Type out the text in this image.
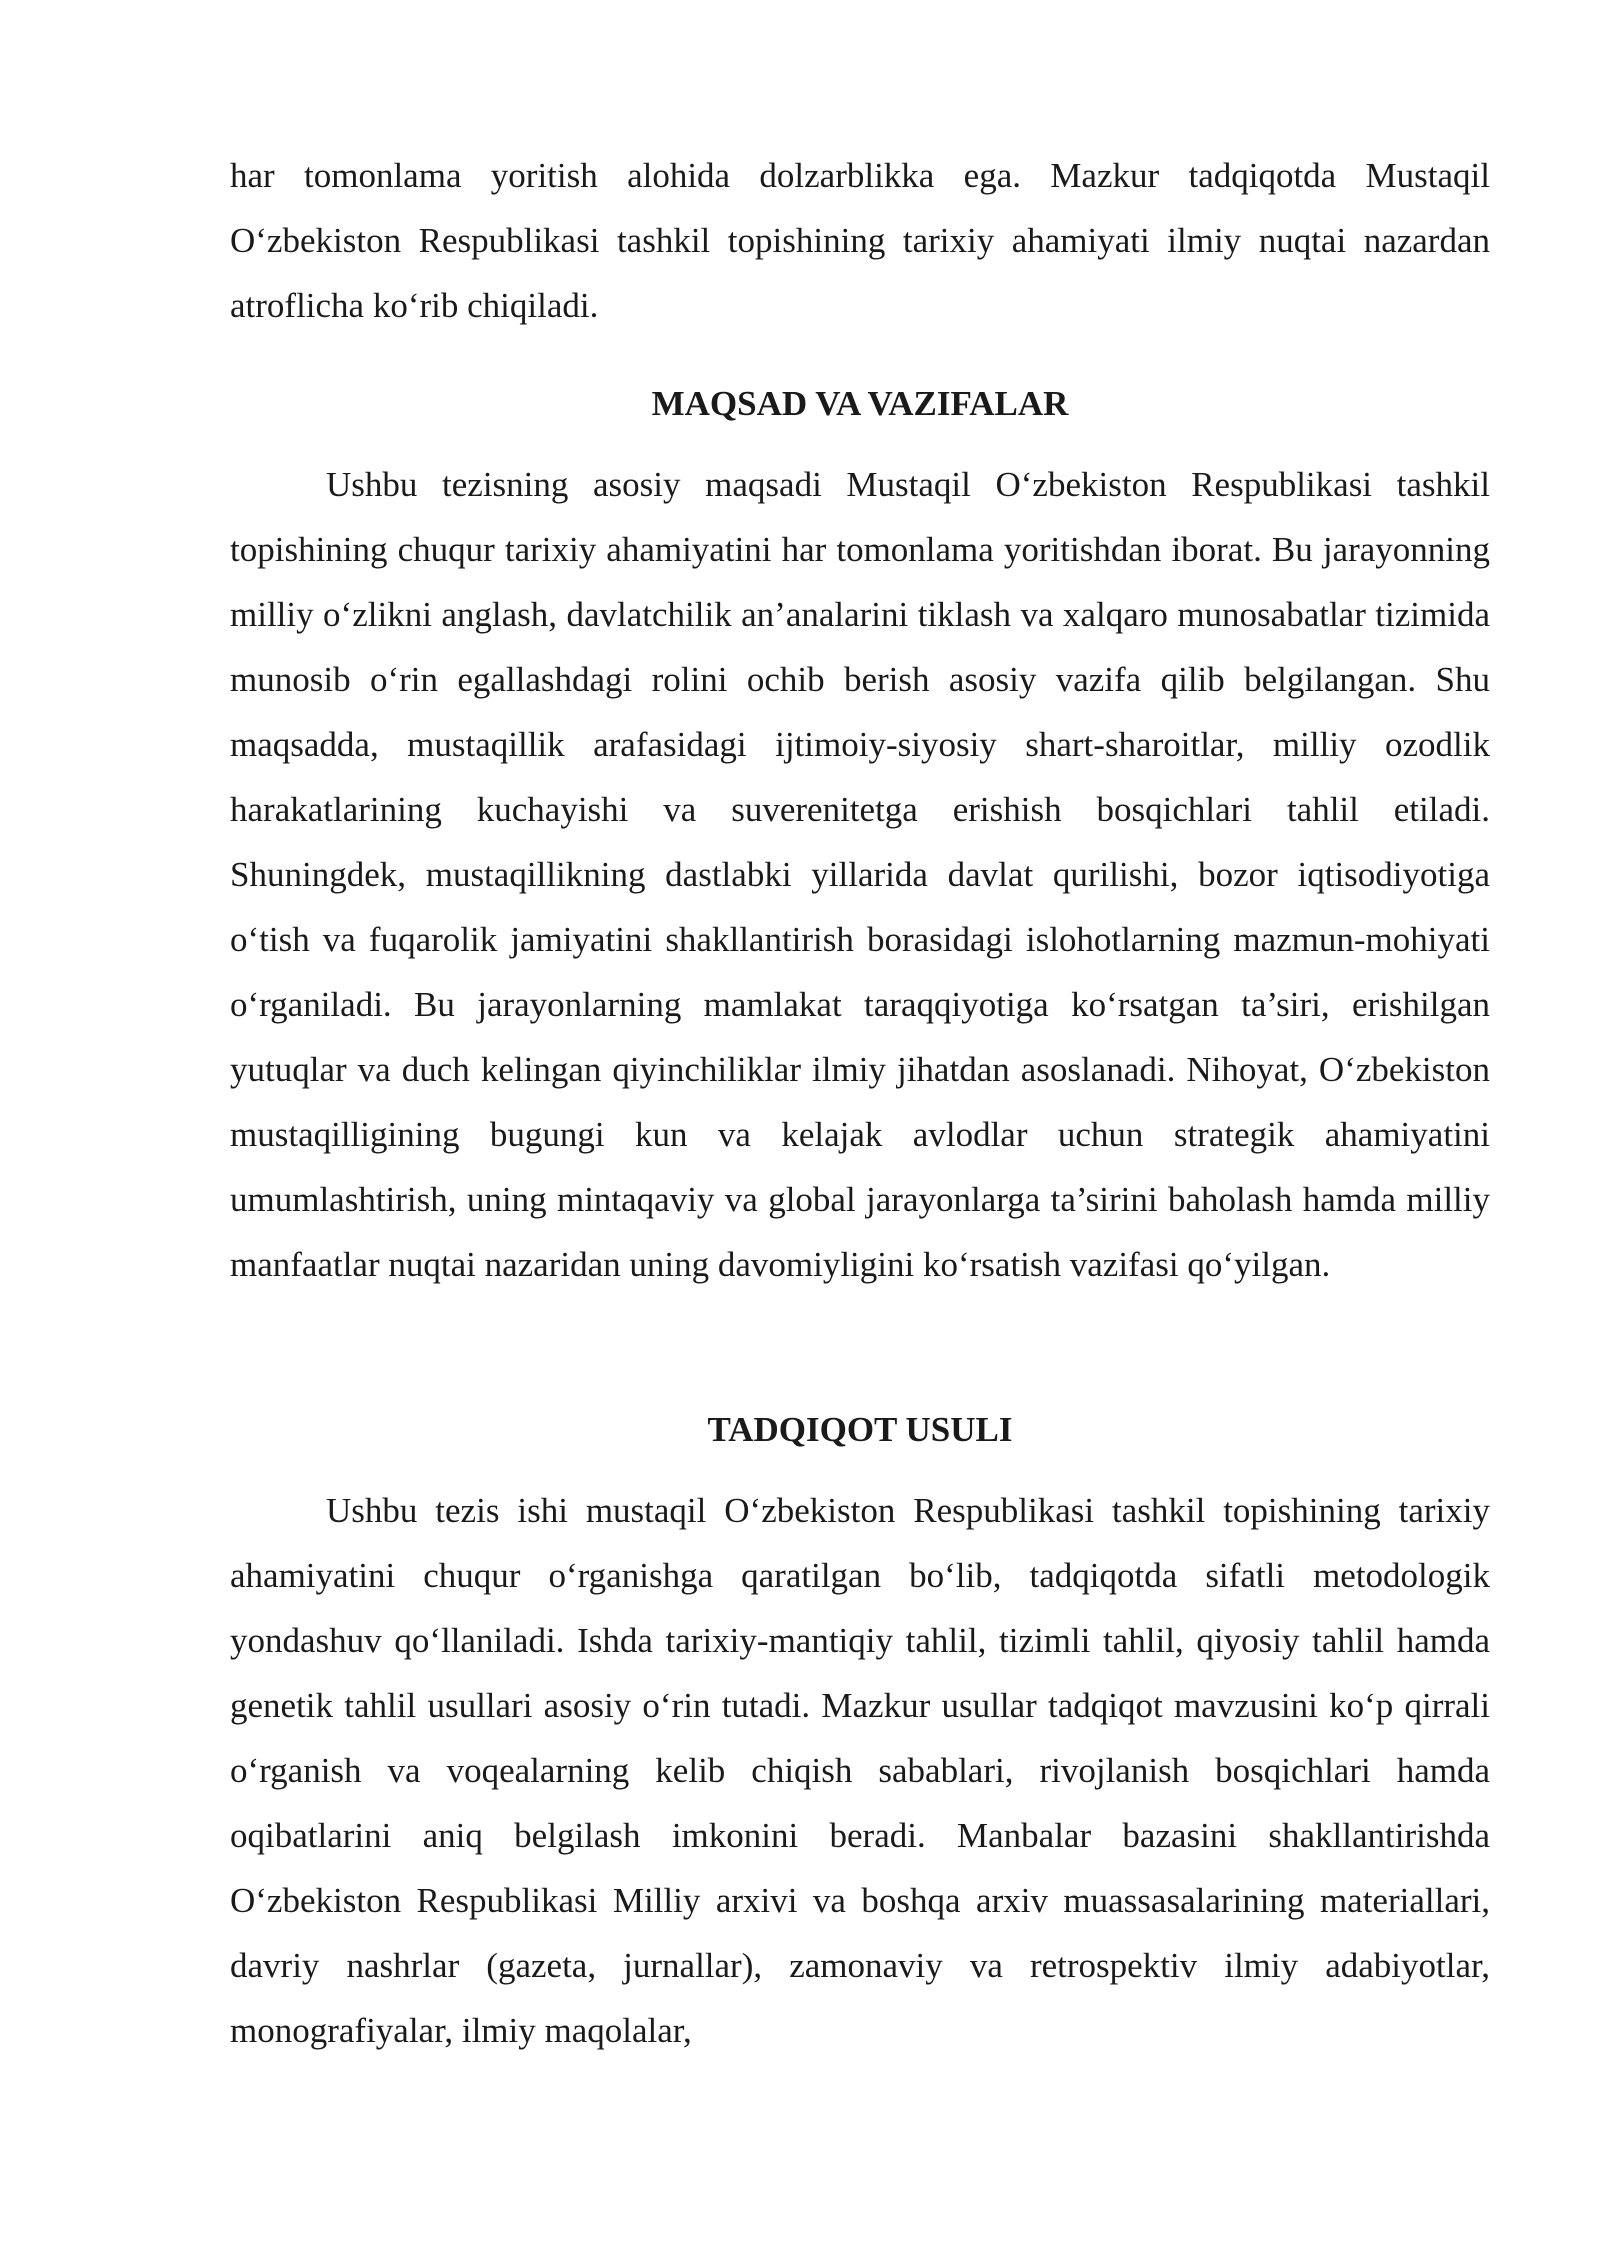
har tomonlama yoritish alohida dolzarblikka ega. Mazkur tadqiqotda Mustaqil O‘zbekiston Respublikasi tashkil topishining tarixiy ahamiyati ilmiy nuqtai nazardan atroflicha ko‘rib chiqiladi.

MAQSAD VA VAZIFALAR

Ushbu tezisning asosiy maqsadi Mustaqil O‘zbekiston Respublikasi tashkil topishining chuqur tarixiy ahamiyatini har tomonlama yoritishdan iborat. Bu jarayonning milliy o‘zlikni anglash, davlatchilik an’analarini tiklash va xalqaro munosabatlar tizimida munosib o‘rin egallashdagi rolini ochib berish asosiy vazifa qilib belgilangan. Shu maqsadda, mustaqillik arafasidagi ijtimoiy-siyosiy shart-sharoitlar, milliy ozodlik harakatlarining kuchayishi va suverenitetga erishish bosqichlari tahlil etiladi. Shuningdek, mustaqillikning dastlabki yillarida davlat qurilishi, bozor iqtisodiyotiga o‘tish va fuqarolik jamiyatini shakllantirish borasidagi islohotlarning mazmun-mohiyati o‘rganiladi. Bu jarayonlarning mamlakat taraqqiyotiga ko‘rsatgan ta’siri, erishilgan yutuqlar va duch kelingan qiyinchiliklar ilmiy jihatdan asoslanadi. Nihoyat, O‘zbekiston mustaqilligining bugungi kun va kelajak avlodlar uchun strategik ahamiyatini umumlashtirish, uning mintaqaviy va global jarayonlarga ta’sirini baholash hamda milliy manfaatlar nuqtai nazaridan uning davomiyligini ko‘rsatish vazifasi qo‘yilgan.

TADQIQOT USULI

Ushbu tezis ishi mustaqil O‘zbekiston Respublikasi tashkil topishining tarixiy ahamiyatini chuqur o‘rganishga qaratilgan bo‘lib, tadqiqotda sifatli metodologik yondashuv qo‘llaniladi. Ishda tarixiy-mantiqiy tahlil, tizimli tahlil, qiyosiy tahlil hamda genetik tahlil usullari asosiy o‘rin tutadi. Mazkur usullar tadqiqot mavzusini ko‘p qirrali o‘rganish va voqealarning kelib chiqish sabablari, rivojlanish bosqichlari hamda oqibatlarini aniq belgilash imkonini beradi. Manbalar bazasini shakllantirishda O‘zbekiston Respublikasi Milliy arxivi va boshqa arxiv muassasalarining materiallari, davriy nashrlar (gazeta, jurnallar), zamonaviy va retrospektiv ilmiy adabiyotlar, monografiyalar, ilmiy maqolalar,
